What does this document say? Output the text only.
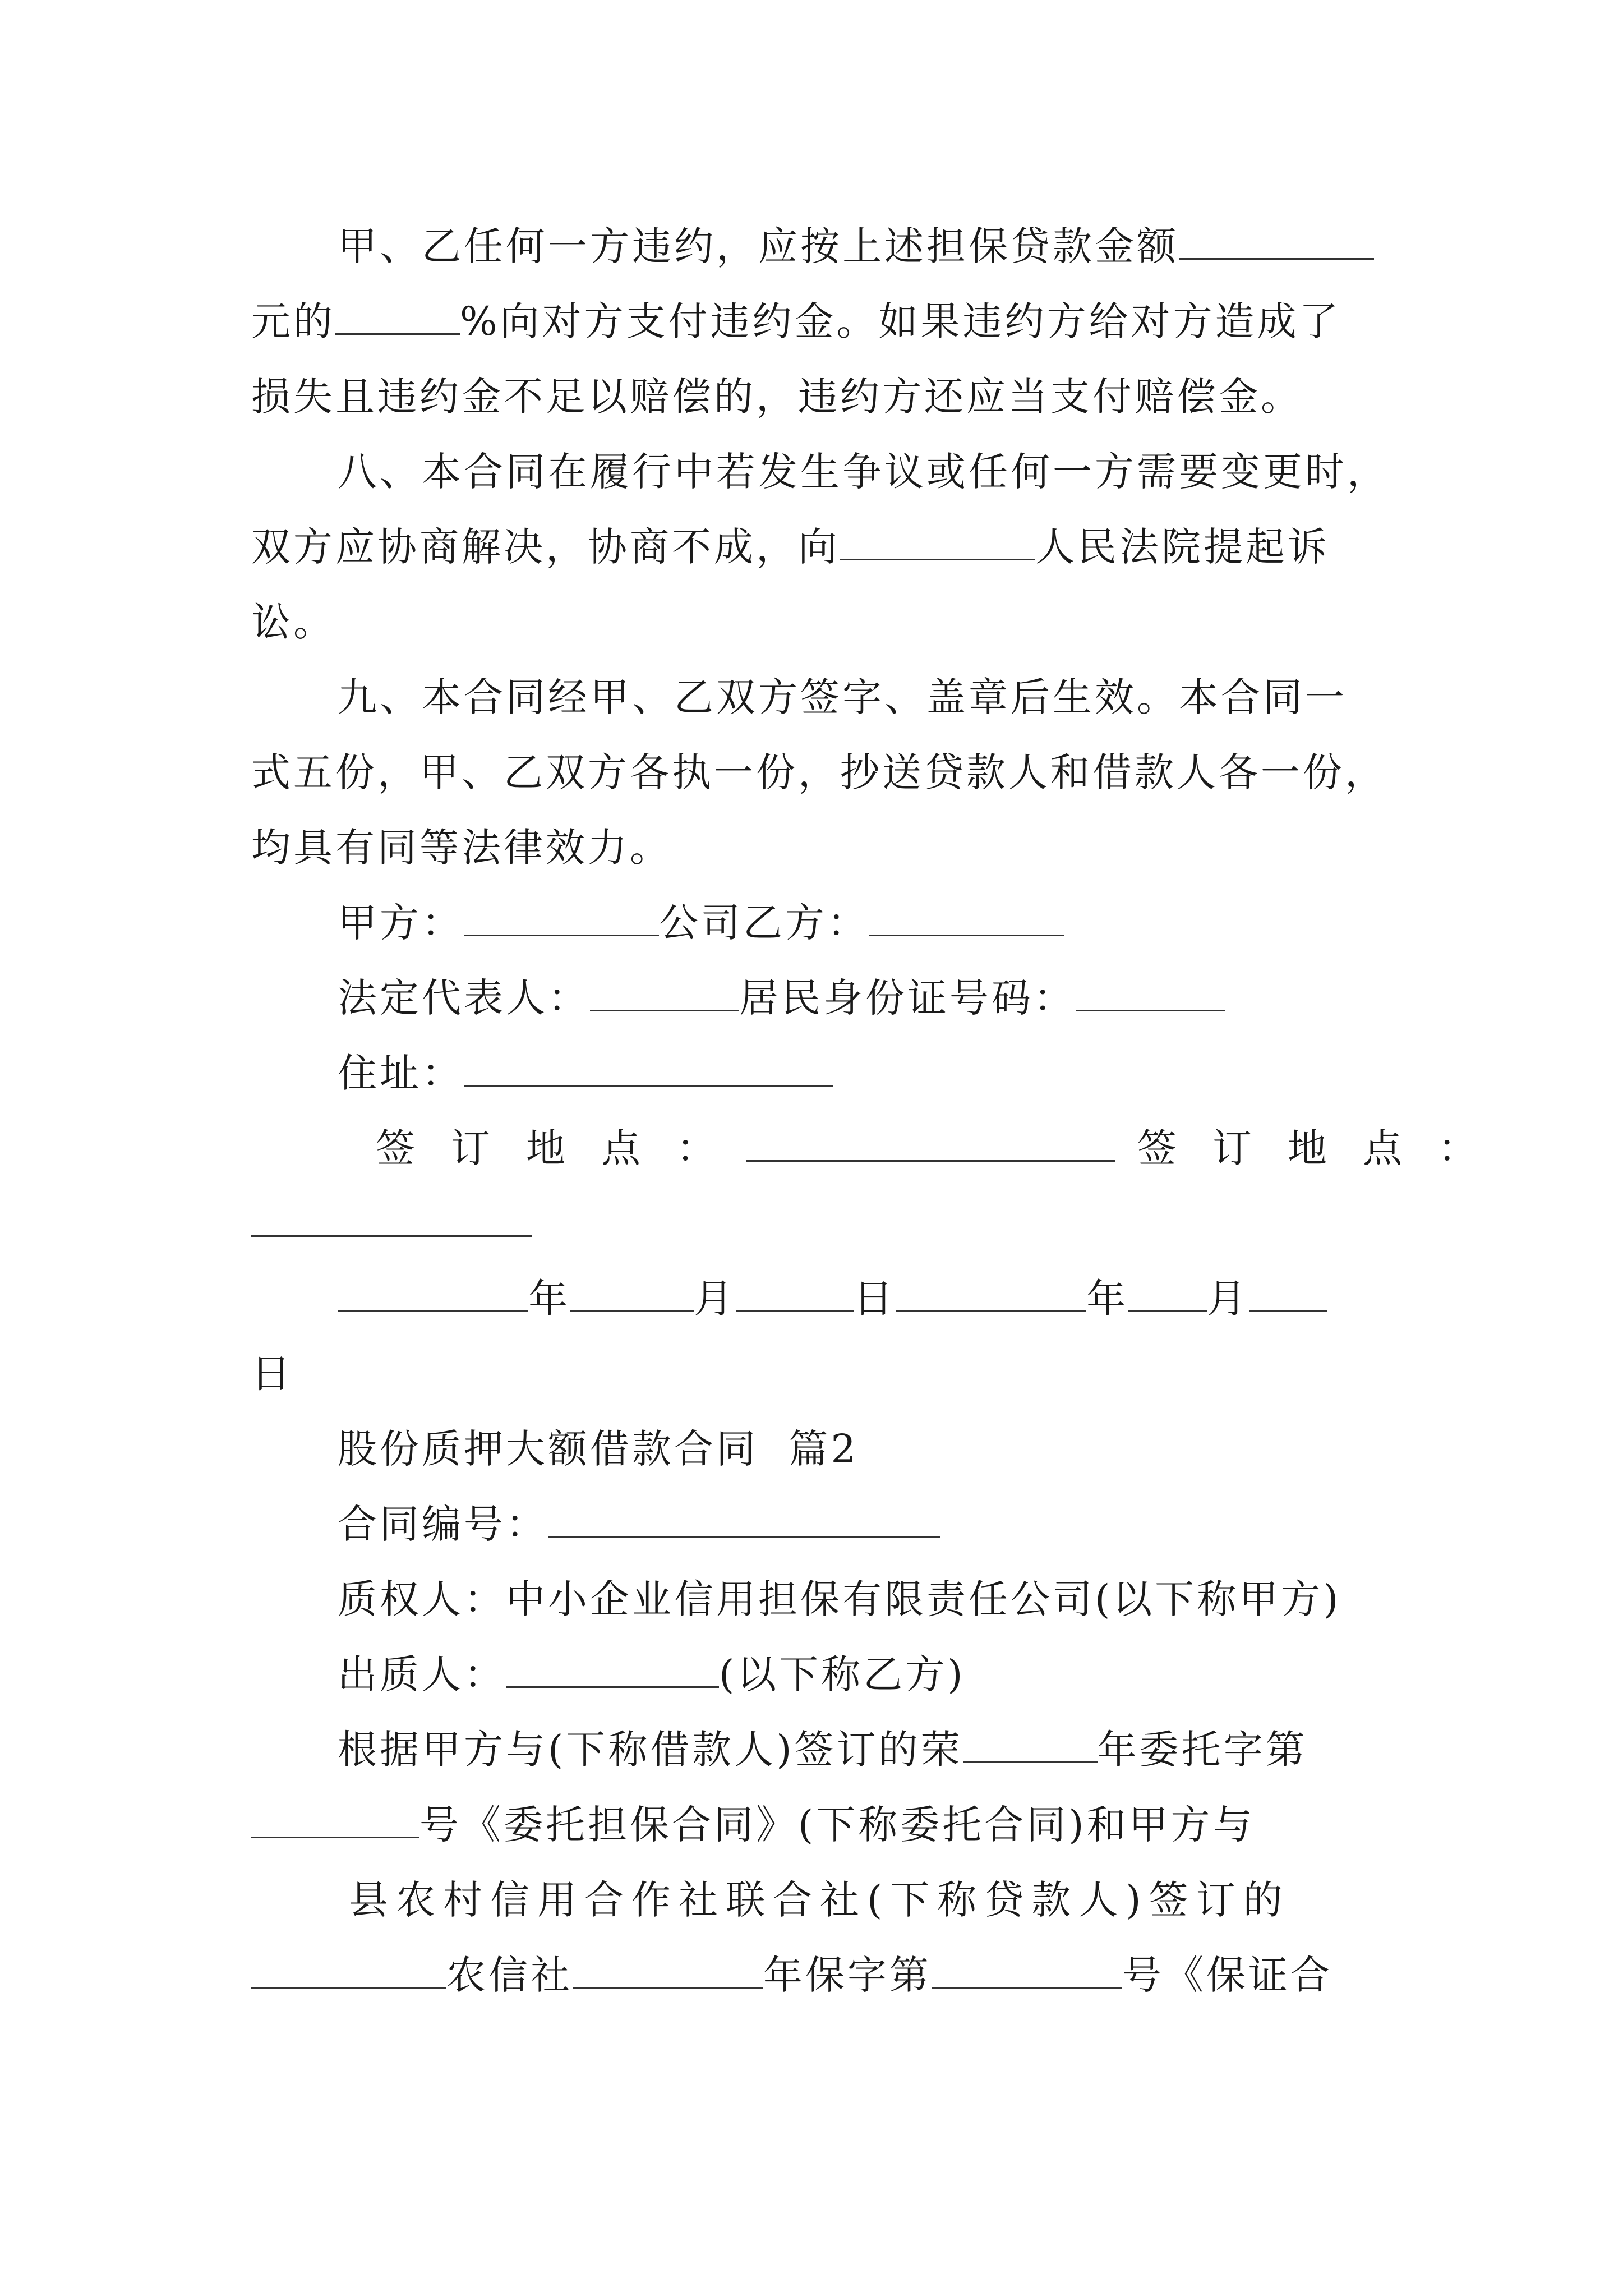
甲、乙任何一方违约，应按上述担保贷款金额
元的	%向对方支付违约金。如果违约方给对方造成了
损失且违约金不足以赔偿的，违约方还应当支付赔偿金。
八、本合同在履行中若发生争议或任何一方需要变更时，
双方应协商解决，协商不成，向	人民法院提起诉
讼。
九、本合同经甲、乙双方签字、盖章后生效。本合同一
式五份，甲、乙双方各执一份，抄送贷款人和借款人各一份，
均具有同等法律效力。
甲方：	公司乙方：
法定代表人：	居民身份证号码：
住址：
签订地点：	签订地点：
年	月	日	年 月
日
股份质押大额借款合同  篇2
合同编号：
质权人：中小企业信用担保有限责任公司(以下称甲方)
出质人：	(以下称乙方)
根据甲方与(下称借款人)签订的荣	年委托字第
号《委托担保合同》(下称委托合同)和甲方与
县农村信用合作社联合社(下称贷款人)签订的
农信社	年保字第	号《保证合
